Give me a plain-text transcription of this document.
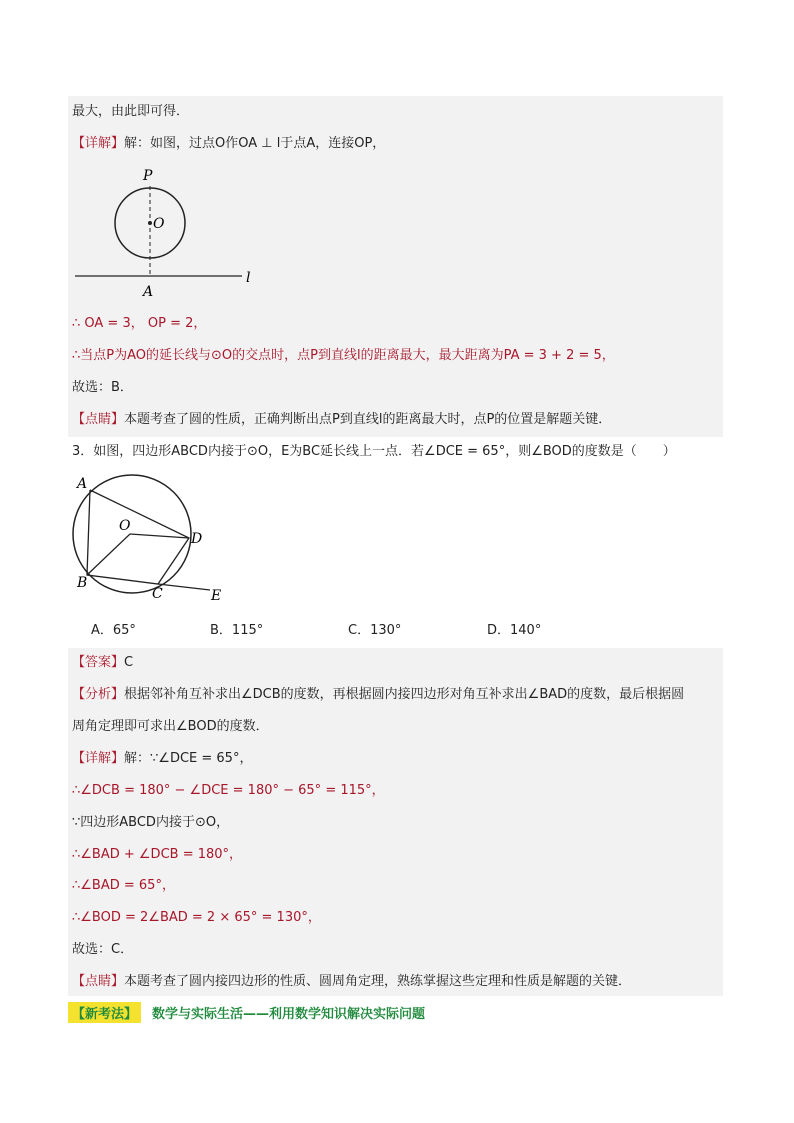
最大，由此即可得．
【详解】解：如图，过点O作OA ⊥ l于点A，连接OP，
P
O
A
l
∴ OA = 3， OP = 2，
∴当点P为AO的延长线与⊙O的交点时，点P到直线l的距离最大，最大距离为PA = 3 + 2 = 5，
故选：B．
【点睛】本题考查了圆的性质，正确判断出点P到直线l的距离最大时，点P的位置是解题关键．
3．如图，四边形ABCD内接于⊙O，E为BC延长线上一点．若∠DCE = 65°，则∠BOD的度数是（　　）
A
O
D
B
C	E
A．65°	B．115°	C．130°	D．140°
【答案】C
【分析】根据邻补角互补求出∠DCB的度数，再根据圆内接四边形对角互补求出∠BAD的度数，最后根据圆
周角定理即可求出∠BOD的度数．
【详解】解：∵∠DCE = 65°，
∴∠DCB = 180° − ∠DCE = 180° − 65° = 115°，
∵四边形ABCD内接于⊙O，
∴∠BAD + ∠DCB = 180°，
∴∠BAD = 65°，
∴∠BOD = 2∠BAD = 2 × 65° = 130°，
故选：C．
【点睛】本题考查了圆内接四边形的性质、圆周角定理，熟练掌握这些定理和性质是解题的关键．
【新考法】	数学与实际生活——利用数学知识解决实际问题
